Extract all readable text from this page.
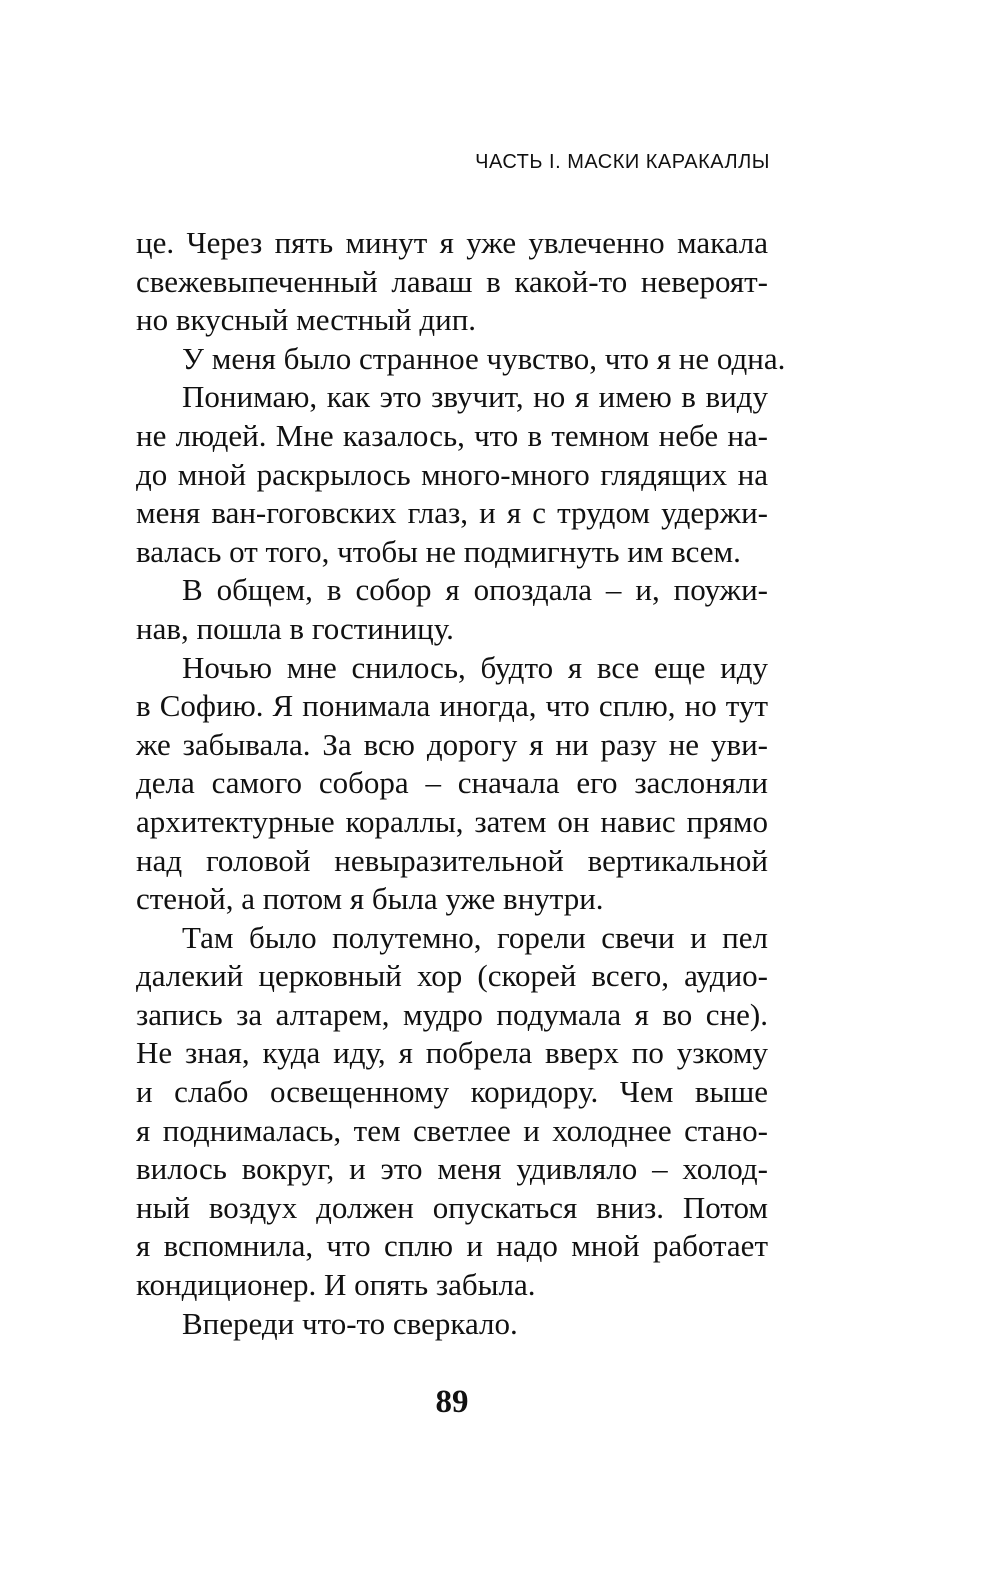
ЧАСТЬ I. МАСКИ КАРАКАЛЛЫ
це. Через пять минут я уже увлеченно макала
свежевыпеченный лаваш в какой-то невероят-
но вкусный местный дип.
У меня было странное чувство, что я не одна.
Понимаю, как это звучит, но я имею в виду
не людей. Мне казалось, что в темном небе на-
до мной раскрылось много-много глядящих на
меня ван-гоговских глаз, и я с трудом удержи-
валась от того, чтобы не подмигнуть им всем.
В общем, в собор я опоздала – и, поужи-
нав, пошла в гостиницу.
Ночью мне снилось, будто я все еще иду
в Софию. Я понимала иногда, что сплю, но тут
же забывала. За всю дорогу я ни разу не уви-
дела самого собора – сначала его заслоняли
архитектурные кораллы, затем он навис прямо
над головой невыразительной вертикальной
стеной, а потом я была уже внутри.
Там было полутемно, горели свечи и пел
далекий церковный хор (скорей всего, аудио-
запись за алтарем, мудро подумала я во сне).
Не зная, куда иду, я побрела вверх по узкому
и слабо освещенному коридору. Чем выше
я поднималась, тем светлее и холоднее стано-
вилось вокруг, и это меня удивляло – холод-
ный воздух должен опускаться вниз. Потом
я вспомнила, что сплю и надо мной работает
кондиционер. И опять забыла.
Впереди что-то сверкало.
89
